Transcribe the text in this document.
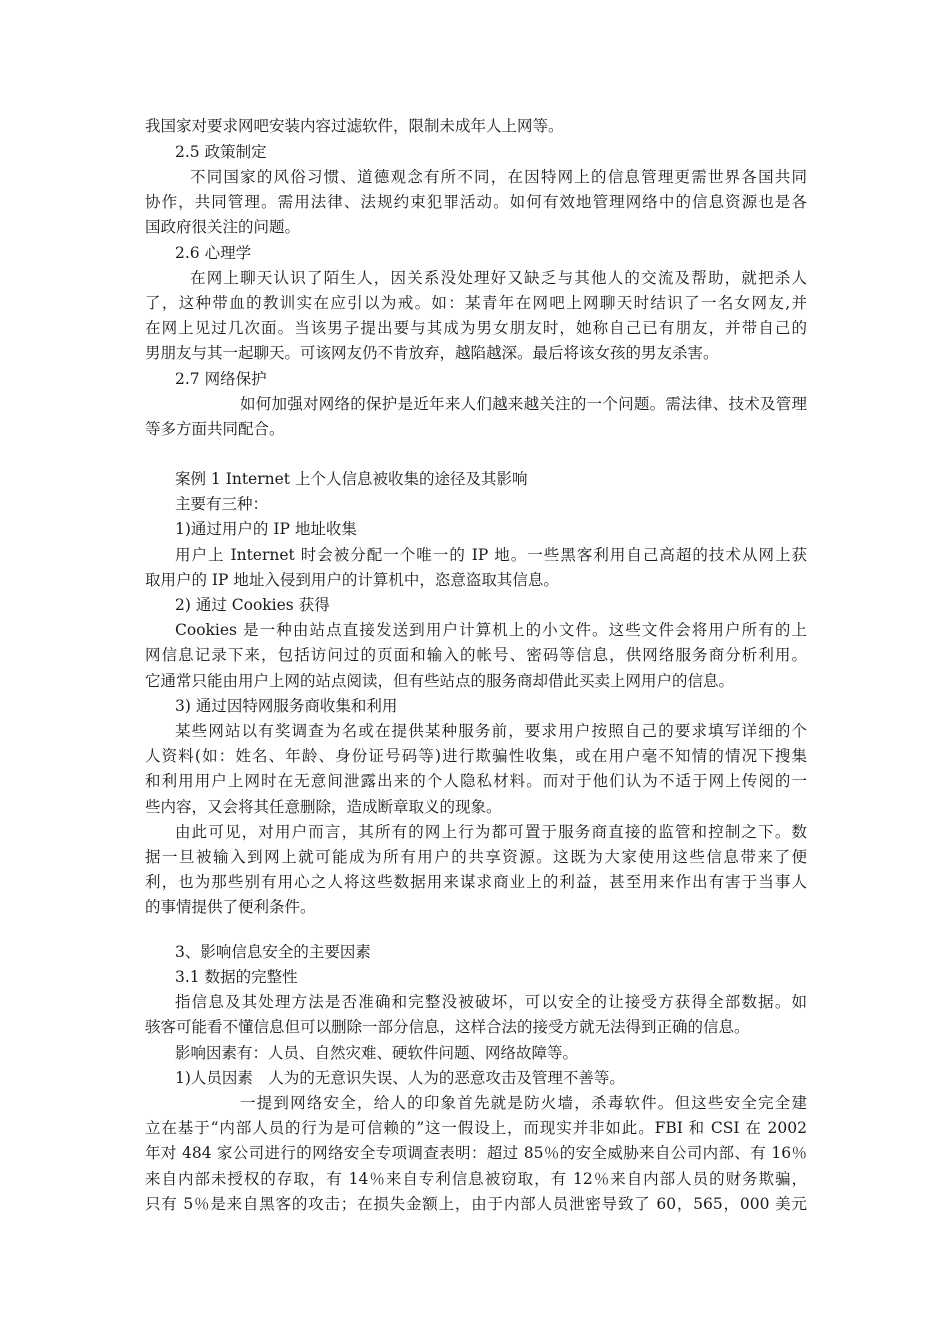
我国家对要求网吧安装内容过滤软件，限制未成年人上网等。
2.5 政策制定
不同国家的风俗习惯、道德观念有所不同，在因特网上的信息管理更需世界各国共同
协作，共同管理。需用法律、法规约束犯罪活动。如何有效地管理网络中的信息资源也是各
国政府很关注的问题。
2.6 心理学
在网上聊天认识了陌生人，因关系没处理好又缺乏与其他人的交流及帮助，就把杀人
了，这种带血的教训实在应引以为戒。如：某青年在网吧上网聊天时结识了一名女网友,并
在网上见过几次面。当该男子提出要与其成为男女朋友时，她称自己已有朋友，并带自己的
男朋友与其一起聊天。可该网友仍不肯放弃，越陷越深。最后将该女孩的男友杀害。
2.7 网络保护
如何加强对网络的保护是近年来人们越来越关注的一个问题。需法律、技术及管理
等多方面共同配合。
案例 1 Internet 上个人信息被收集的途径及其影响
主要有三种：
1)通过用户的 IP 地址收集
用户上 Internet 时会被分配一个唯一的 IP 地。一些黑客利用自己高超的技术从网上获
取用户的 IP 地址入侵到用户的计算机中，恣意盗取其信息。
2) 通过 Cookies 获得
Cookies 是一种由站点直接发送到用户计算机上的小文件。这些文件会将用户所有的上
网信息记录下来，包括访问过的页面和输入的帐号、密码等信息，供网络服务商分析利用。
它通常只能由用户上网的站点阅读，但有些站点的服务商却借此买卖上网用户的信息。
3) 通过因特网服务商收集和利用
某些网站以有奖调查为名或在提供某种服务前，要求用户按照自己的要求填写详细的个
人资料(如：姓名、年龄、身份证号码等)进行欺骗性收集，或在用户毫不知情的情况下搜集
和利用用户上网时在无意间泄露出来的个人隐私材料。而对于他们认为不适于网上传阅的一
些内容，又会将其任意删除，造成断章取义的现象。
由此可见，对用户而言，其所有的网上行为都可置于服务商直接的监管和控制之下。数
据一旦被输入到网上就可能成为所有用户的共享资源。这既为大家使用这些信息带来了便
利，也为那些别有用心之人将这些数据用来谋求商业上的利益，甚至用来作出有害于当事人
的事情提供了便利条件。
3、影响信息安全的主要因素
3.1 数据的完整性
指信息及其处理方法是否准确和完整没被破坏，可以安全的让接受方获得全部数据。如
骇客可能看不懂信息但可以删除一部分信息，这样合法的接受方就无法得到正确的信息。
影响因素有：人员、自然灾难、硬软件问题、网络故障等。
1)人员因素　人为的无意识失误、人为的恶意攻击及管理不善等。
一提到网络安全，给人的印象首先就是防火墙，杀毒软件。但这些安全完全建
立在基于“内部人员的行为是可信赖的”这一假设上，而现实并非如此。FBI 和 CSI 在 2002
年对 484 家公司进行的网络安全专项调查表明：超过 85％的安全威胁来自公司内部、有 16％
来自内部未授权的存取，有 14％来自专利信息被窃取，有 12％来自内部人员的财务欺骗，
只有 5％是来自黑客的攻击；在损失金额上，由于内部人员泄密导致了 60，565，000 美元
